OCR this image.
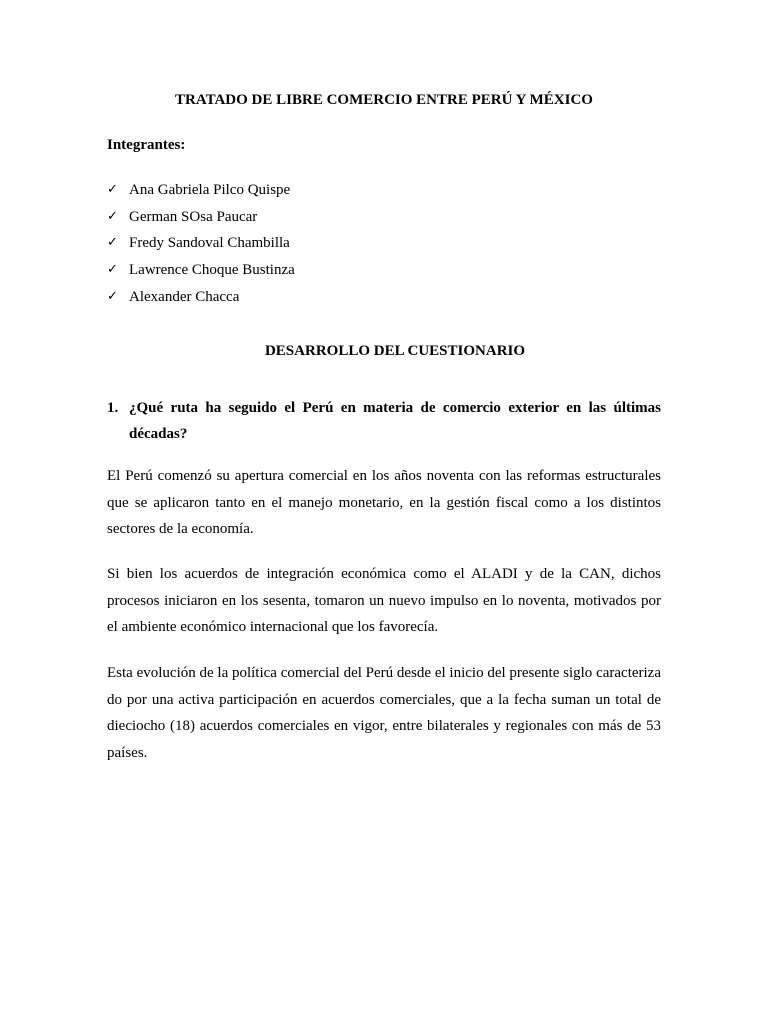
TRATADO DE LIBRE COMERCIO ENTRE PERÚ Y MÉXICO
Integrantes:
✓ Ana Gabriela Pilco Quispe
✓ German SOsa Paucar
✓ Fredy Sandoval Chambilla
✓ Lawrence Choque Bustinza
✓ Alexander Chacca
DESARROLLO DEL CUESTIONARIO
1. ¿Qué ruta ha seguido el Perú en materia de comercio exterior en las últimas décadas?

El Perú comenzó su apertura comercial en los años noventa con las reformas estructurales que se aplicaron tanto en el manejo monetario, en la gestión fiscal como a los distintos sectores de la economía.

Si bien los acuerdos de integración económica como el ALADI y de la CAN, dichos procesos iniciaron en los sesenta, tomaron un nuevo impulso en lo noventa, motivados por el ambiente económico internacional que los favorecía.

Esta evolución de la política comercial del Perú desde el inicio del presente siglo caracteriza do por una activa participación en acuerdos comerciales, que a la fecha suman un total de dieciocho (18) acuerdos comerciales en vigor, entre bilaterales y regionales con más de 53 países.
